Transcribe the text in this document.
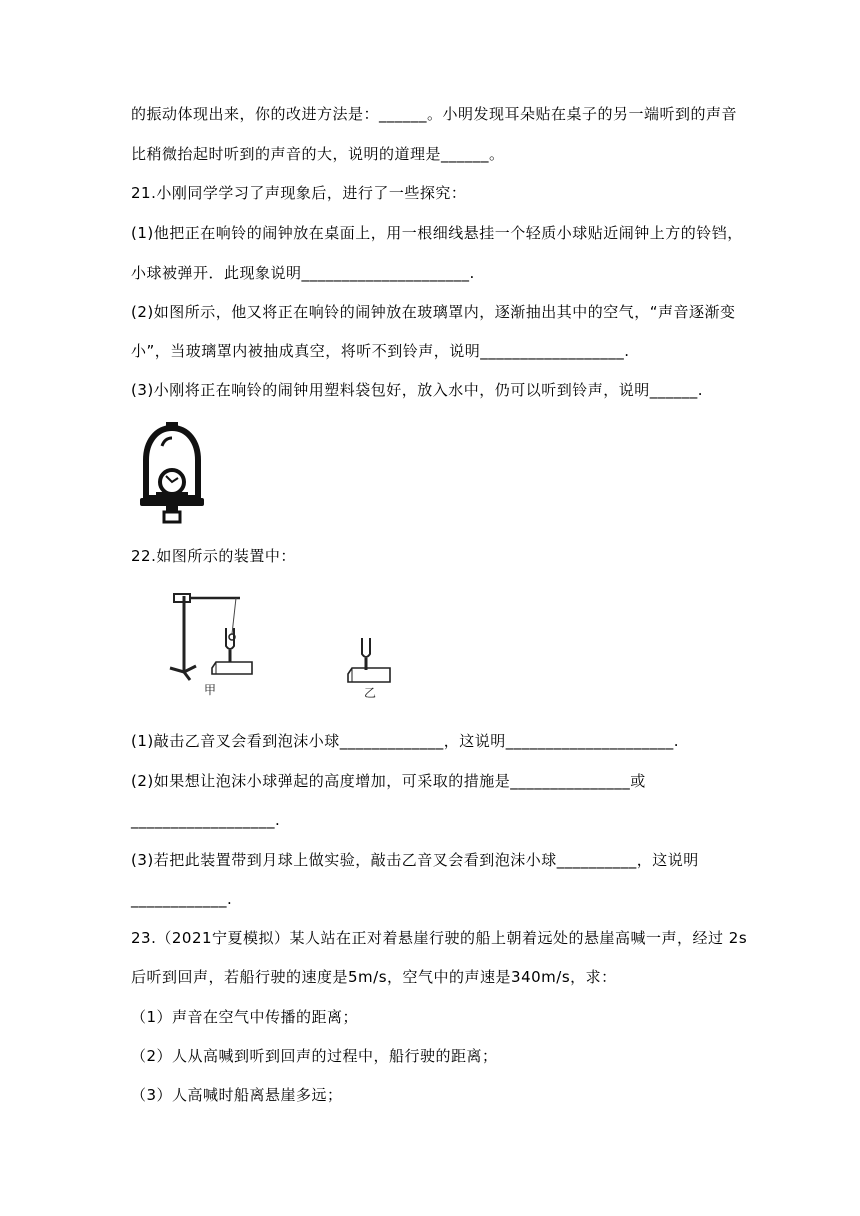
的振动体现出来，你的改进方法是：______。小明发现耳朵贴在桌子的另一端听到的声音
比稍微抬起时听到的声音的大，说明的道理是______。
21.小刚同学学习了声现象后，进行了一些探究：
(1)他把正在响铃的闹钟放在桌面上，用一根细线悬挂一个轻质小球贴近闹钟上方的铃铛，
小球被弹开．此现象说明_____________________.
(2)如图所示，他又将正在响铃的闹钟放在玻璃罩内，逐渐抽出其中的空气，“声音逐渐变
小”，当玻璃罩内被抽成真空，将听不到铃声，说明__________________.
(3)小刚将正在响铃的闹钟用塑料袋包好，放入水中，仍可以听到铃声，说明______.
22.如图所示的装置中：
甲	乙
(1)敲击乙音叉会看到泡沫小球_____________，这说明_____________________.
(2)如果想让泡沫小球弹起的高度增加，可采取的措施是_______________或
__________________.
(3)若把此装置带到月球上做实验，敲击乙音叉会看到泡沫小球__________，这说明
____________.
23.（2021宁夏模拟）某人站在正对着悬崖行驶的船上朝着远处的悬崖高喊一声，经过 2s
后听到回声，若船行驶的速度是5m/s，空气中的声速是340m/s，求：
（1）声音在空气中传播的距离；
（2）人从高喊到听到回声的过程中，船行驶的距离；
（3）人高喊时船离悬崖多远；
